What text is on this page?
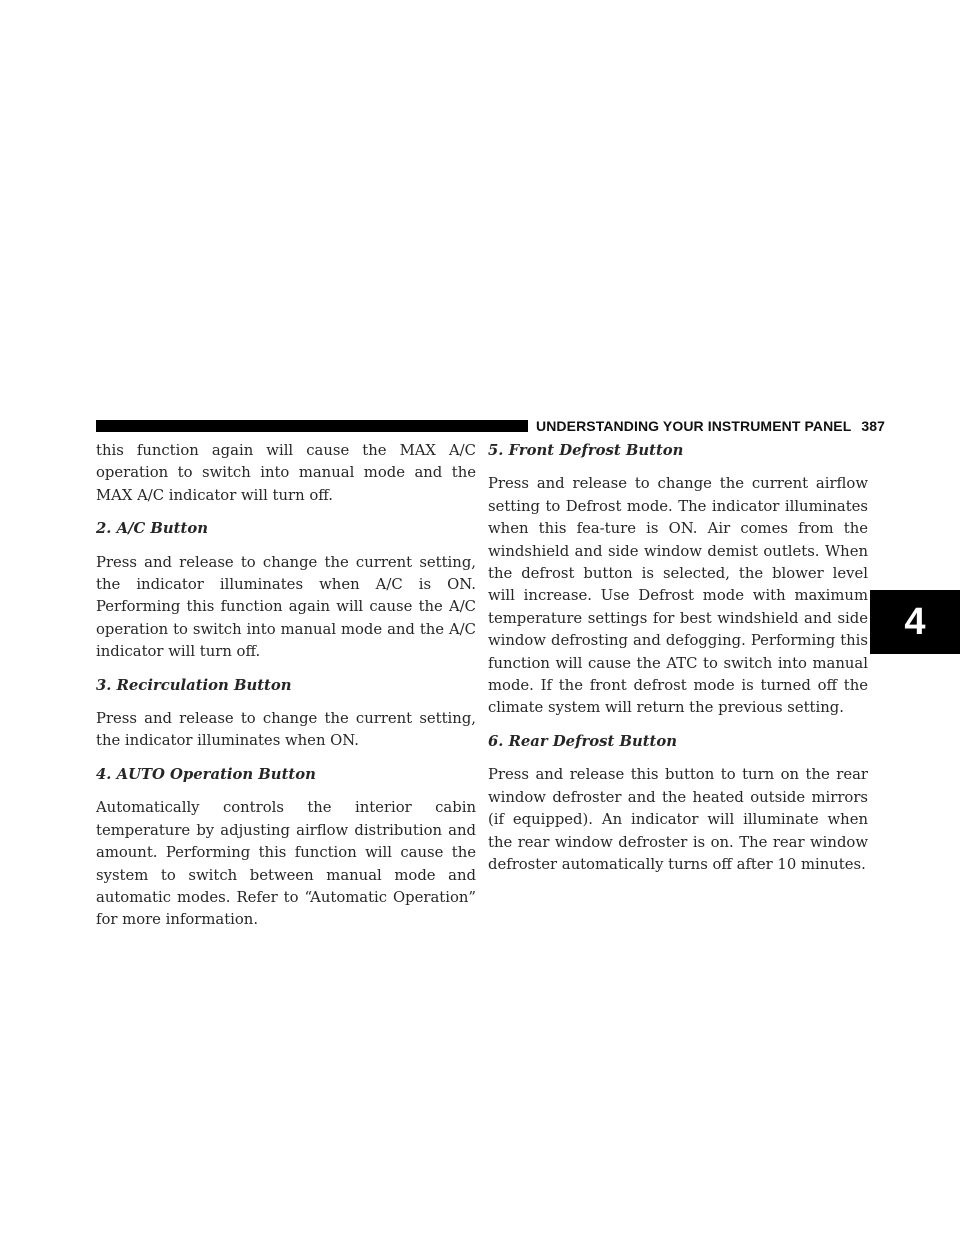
UNDERSTANDING YOUR INSTRUMENT PANEL 387
4

this function again will cause the MAX A/C operation to switch into manual mode and the MAX A/C indicator will turn off.

2. A/C Button

Press and release to change the current setting, the indicator illuminates when A/C is ON. Performing this function again will cause the A/C operation to switch into manual mode and the A/C indicator will turn off.

3. Recirculation Button

Press and release to change the current setting, the indicator illuminates when ON.

4. AUTO Operation Button

Automatically controls the interior cabin temperature by adjusting airflow distribution and amount. Performing this function will cause the system to switch between manual mode and automatic modes. Refer to “Automatic Operation” for more information.

5. Front Defrost Button

Press and release to change the current airflow setting to Defrost mode. The indicator illuminates when this fea-ture is ON. Air comes from the windshield and side window demist outlets. When the defrost button is selected, the blower level will increase. Use Defrost mode with maximum temperature settings for best windshield and side window defrosting and defogging. Performing this function will cause the ATC to switch into manual mode. If the front defrost mode is turned off the climate system will return the previous setting.

6. Rear Defrost Button

Press and release this button to turn on the rear window defroster and the heated outside mirrors (if equipped). An indicator will illuminate when the rear window defroster is on. The rear window defroster automatically turns off after 10 minutes.
